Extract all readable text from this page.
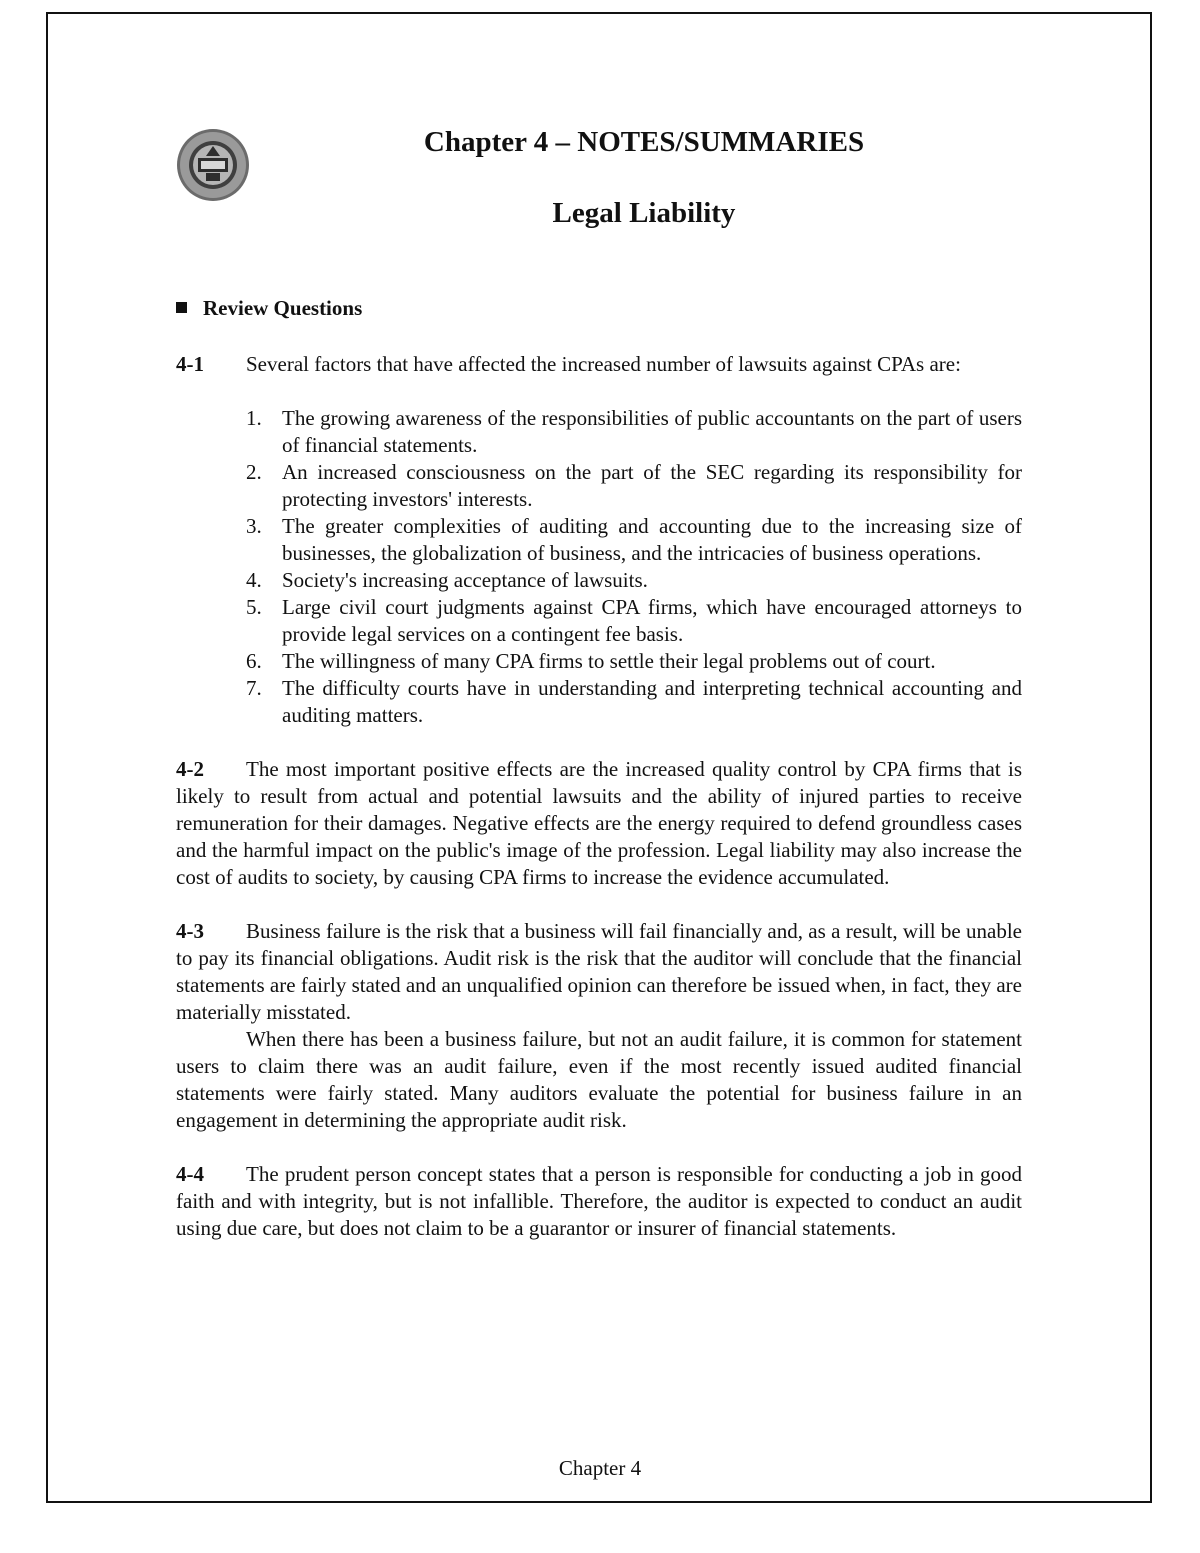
Chapter 4 – NOTES/SUMMARIES
Legal Liability
Review Questions

4-1 Several factors that have affected the increased number of lawsuits against CPAs are:

1. The growing awareness of the responsibilities of public accountants on the part of users of financial statements.
2. An increased consciousness on the part of the SEC regarding its responsibility for protecting investors' interests.
3. The greater complexities of auditing and accounting due to the increasing size of businesses, the globalization of business, and the intricacies of business operations.
4. Society's increasing acceptance of lawsuits.
5. Large civil court judgments against CPA firms, which have encouraged attorneys to provide legal services on a contingent fee basis.
6. The willingness of many CPA firms to settle their legal problems out of court.
7. The difficulty courts have in understanding and interpreting technical accounting and auditing matters.

4-2 The most important positive effects are the increased quality control by CPA firms that is likely to result from actual and potential lawsuits and the ability of injured parties to receive remuneration for their damages. Negative effects are the energy required to defend groundless cases and the harmful impact on the public's image of the profession. Legal liability may also increase the cost of audits to society, by causing CPA firms to increase the evidence accumulated.

4-3 Business failure is the risk that a business will fail financially and, as a result, will be unable to pay its financial obligations. Audit risk is the risk that the auditor will conclude that the financial statements are fairly stated and an unqualified opinion can therefore be issued when, in fact, they are materially misstated.

When there has been a business failure, but not an audit failure, it is common for statement users to claim there was an audit failure, even if the most recently issued audited financial statements were fairly stated. Many auditors evaluate the potential for business failure in an engagement in determining the appropriate audit risk.

4-4 The prudent person concept states that a person is responsible for conducting a job in good faith and with integrity, but is not infallible. Therefore, the auditor is expected to conduct an audit using due care, but does not claim to be a guarantor or insurer of financial statements.

Chapter 4
